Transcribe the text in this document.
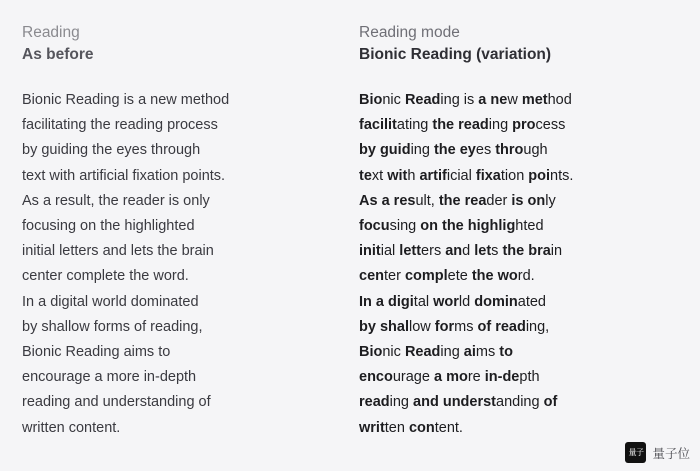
Reading
As before
Bionic Reading is a new method
facilitating the reading process
by guiding the eyes through
text with artificial fixation points.
As a result, the reader is only
focusing on the highlighted
initial letters and lets the brain
center complete the word.
In a digital world dominated
by shallow forms of reading,
Bionic Reading aims to
encourage a more in-depth
reading and understanding of
written content.
Reading mode
Bionic Reading (variation)
Bionic Reading is a new method
facilitating the reading process
by guiding the eyes through
text with artificial fixation points.
As a result, the reader is only
focusing on the highlighted
initial letters and lets the brain
center complete the word.
In a digital world dominated
by shallow forms of reading,
Bionic Reading aims to
encourage a more in-depth
reading and understanding of
written content.
量子 量子位
